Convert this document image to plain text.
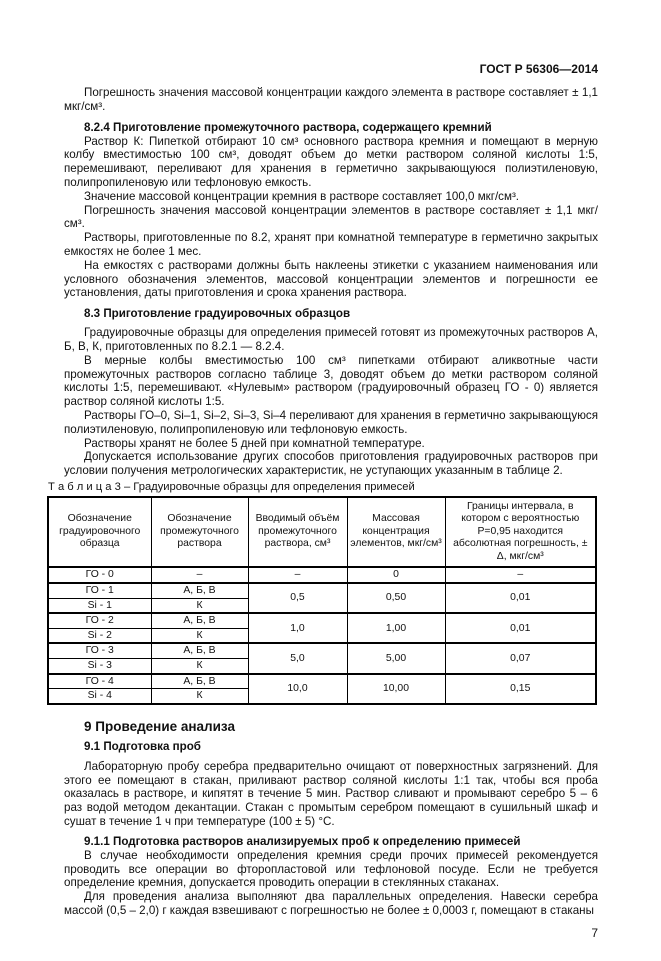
ГОСТ Р 56306—2014

Погрешность значения массовой концентрации каждого элемента в растворе составляет ± 1,1 мкг/см³.

8.2.4 Приготовление промежуточного раствора, содержащего кремний

Раствор К: Пипеткой отбирают 10 см³ основного раствора кремния и помещают в мерную колбу вместимостью 100 см³, доводят объем до метки раствором соляной кислоты 1:5, перемешивают, переливают для хранения в герметично закрывающуюся полиэтиленовую, полипропиленовую или тефлоновую емкость.

Значение массовой концентрации кремния в растворе составляет 100,0 мкг/см³.

Погрешность значения массовой концентрации элементов в растворе составляет ± 1,1 мкг/см³.

Растворы, приготовленные по 8.2, хранят при комнатной температуре в герметично закрытых емкостях не более 1 мес.

На емкостях с растворами должны быть наклеены этикетки с указанием наименования или условного обозначения элементов, массовой концентрации элементов и погрешности ее установления, даты приготовления и срока хранения раствора.

8.3 Приготовление градуировочных образцов

Градуировочные образцы для определения примесей готовят из промежуточных растворов А, Б, В, К, приготовленных по 8.2.1 — 8.2.4.

В мерные колбы вместимостью 100 см³ пипетками отбирают аликвотные части промежуточных растворов согласно таблице 3, доводят объем до метки раствором соляной кислоты 1:5, перемешивают. «Нулевым» раствором (градуировочный образец ГО - 0) является раствор соляной кислоты 1:5.

Растворы ГО–0, Si–1, Si–2, Si–3, Si–4 переливают для хранения в герметично закрывающуюся полиэтиленовую, полипропиленовую или тефлоновую емкость.

Растворы хранят не более 5 дней при комнатной температуре.

Допускается использование других способов приготовления градуировочных растворов при условии получения метрологических характеристик, не уступающих указанным в таблице 2.

Т а б л и ц а 3 – Градуировочные образцы для определения примесей
Обозначение градуировочного образца	Обозначение промежуточного раствора	Вводимый объём промежуточного раствора, см³	Массовая концентрация элементов, мкг/см³	Границы интервала, в котором с вероятностью P=0,95 находится абсолютная погрешность, ± Δ, мкг/см³
ГО - 0	–	–	0	–
ГО - 1	А, Б, В	0,5	0,50	0,01
Si - 1	К			
ГО - 2	А, Б, В	1,0	1,00	0,01
Si - 2	К			
ГО - 3	А, Б, В	5,0	5,00	0,07
Si - 3	К			
ГО - 4	А, Б, В	10,0	10,00	0,15
Si - 4	К			
9 Проведение анализа
9.1 Подготовка проб

Лабораторную пробу серебра предварительно очищают от поверхностных загрязнений. Для этого ее помещают в стакан, приливают раствор соляной кислоты 1:1 так, чтобы вся проба оказалась в растворе, и кипятят в течение 5 мин. Раствор сливают и промывают серебро 5 – 6 раз водой методом декантации. Стакан с промытым серебром помещают в сушильный шкаф и сушат в течение 1 ч при температуре (100 ± 5) °С.

9.1.1 Подготовка растворов анализируемых проб к определению примесей

В случае необходимости определения кремния среди прочих примесей рекомендуется проводить все операции во фторопластовой или тефлоновой посуде. Если не требуется определение кремния, допускается проводить операции в стеклянных стаканах.

Для проведения анализа выполняют два параллельных определения. Навески серебра массой (0,5 – 2,0) г каждая взвешивают с погрешностью не более ± 0,0003 г, помещают в стаканы

7
